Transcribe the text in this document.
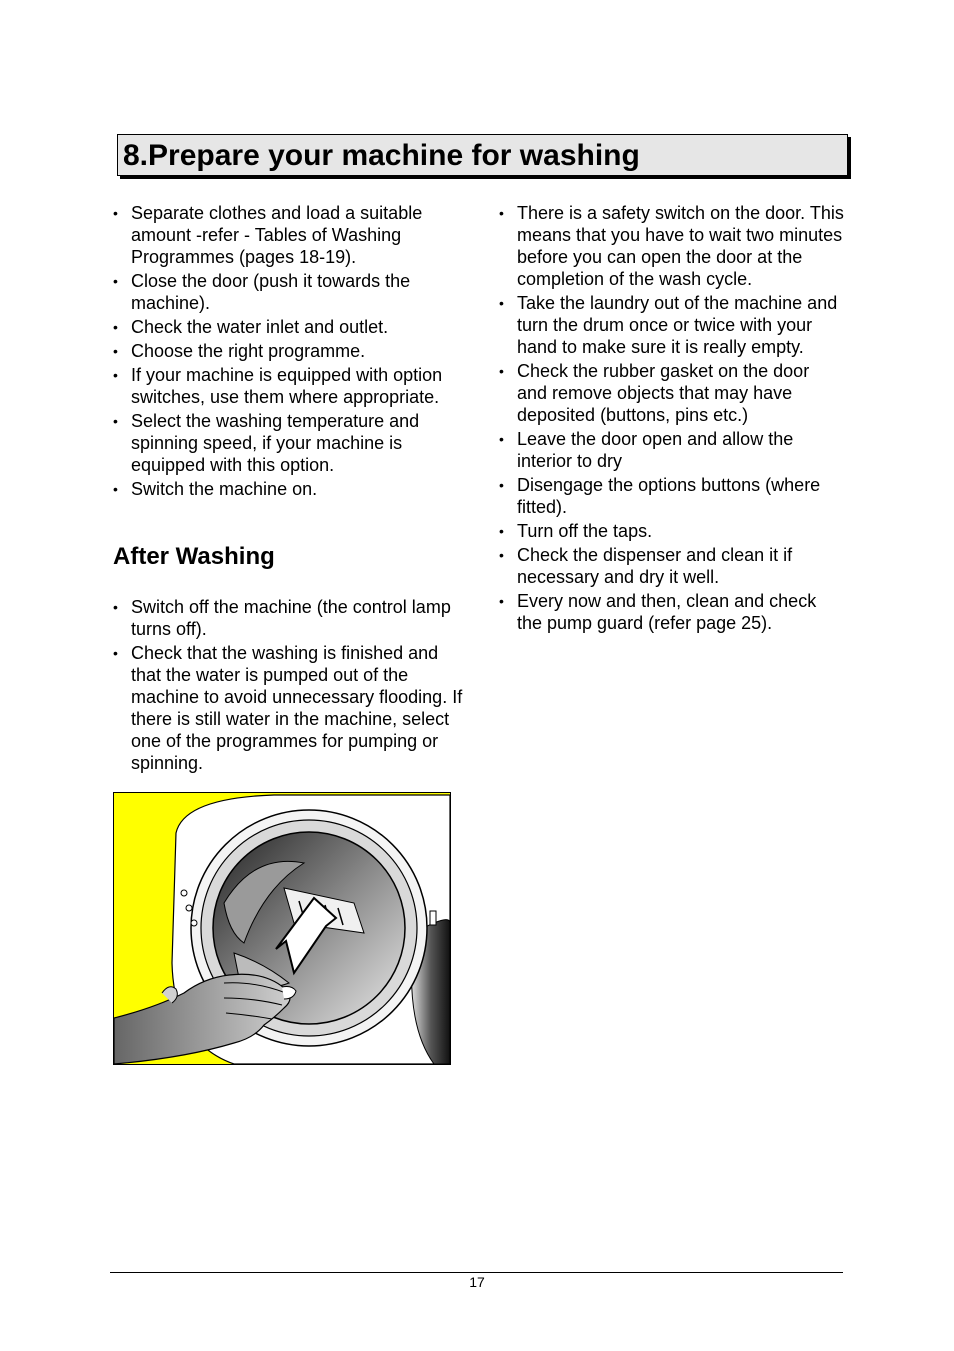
8.Prepare your machine for washing
• Separate clothes and load a suitable amount -refer - Tables of Washing Programmes (pages 18-19).
• Close the door (push it towards the machine).
• Check the water inlet and outlet.
• Choose the right programme.
• If your machine is equipped with option switches, use them where appropriate.
• Select the washing temperature and spinning speed, if your machine is equipped with this option.
• Switch the machine on.
After Washing
• Switch off the machine (the control lamp turns off).
• Check that the washing is finished and that the water is pumped out of the machine to avoid unnecessary flooding. If there is still water in the machine, select one of the programmes for pumping or spinning.
• There is a safety switch on the door. This means that you have to wait two minutes before you can open the door at the completion of the wash cycle.
• Take the laundry out of the machine and turn the drum once or twice with your hand to make sure it is really empty.
• Check the rubber gasket on the door and remove objects that may have deposited (buttons, pins etc.)
• Leave the door open and allow the interior to dry
• Disengage the options buttons (where fitted).
• Turn off the taps.
• Check the dispenser and clean it if necessary and dry it well.
• Every now and then, clean and check the pump guard (refer page 25).
17
